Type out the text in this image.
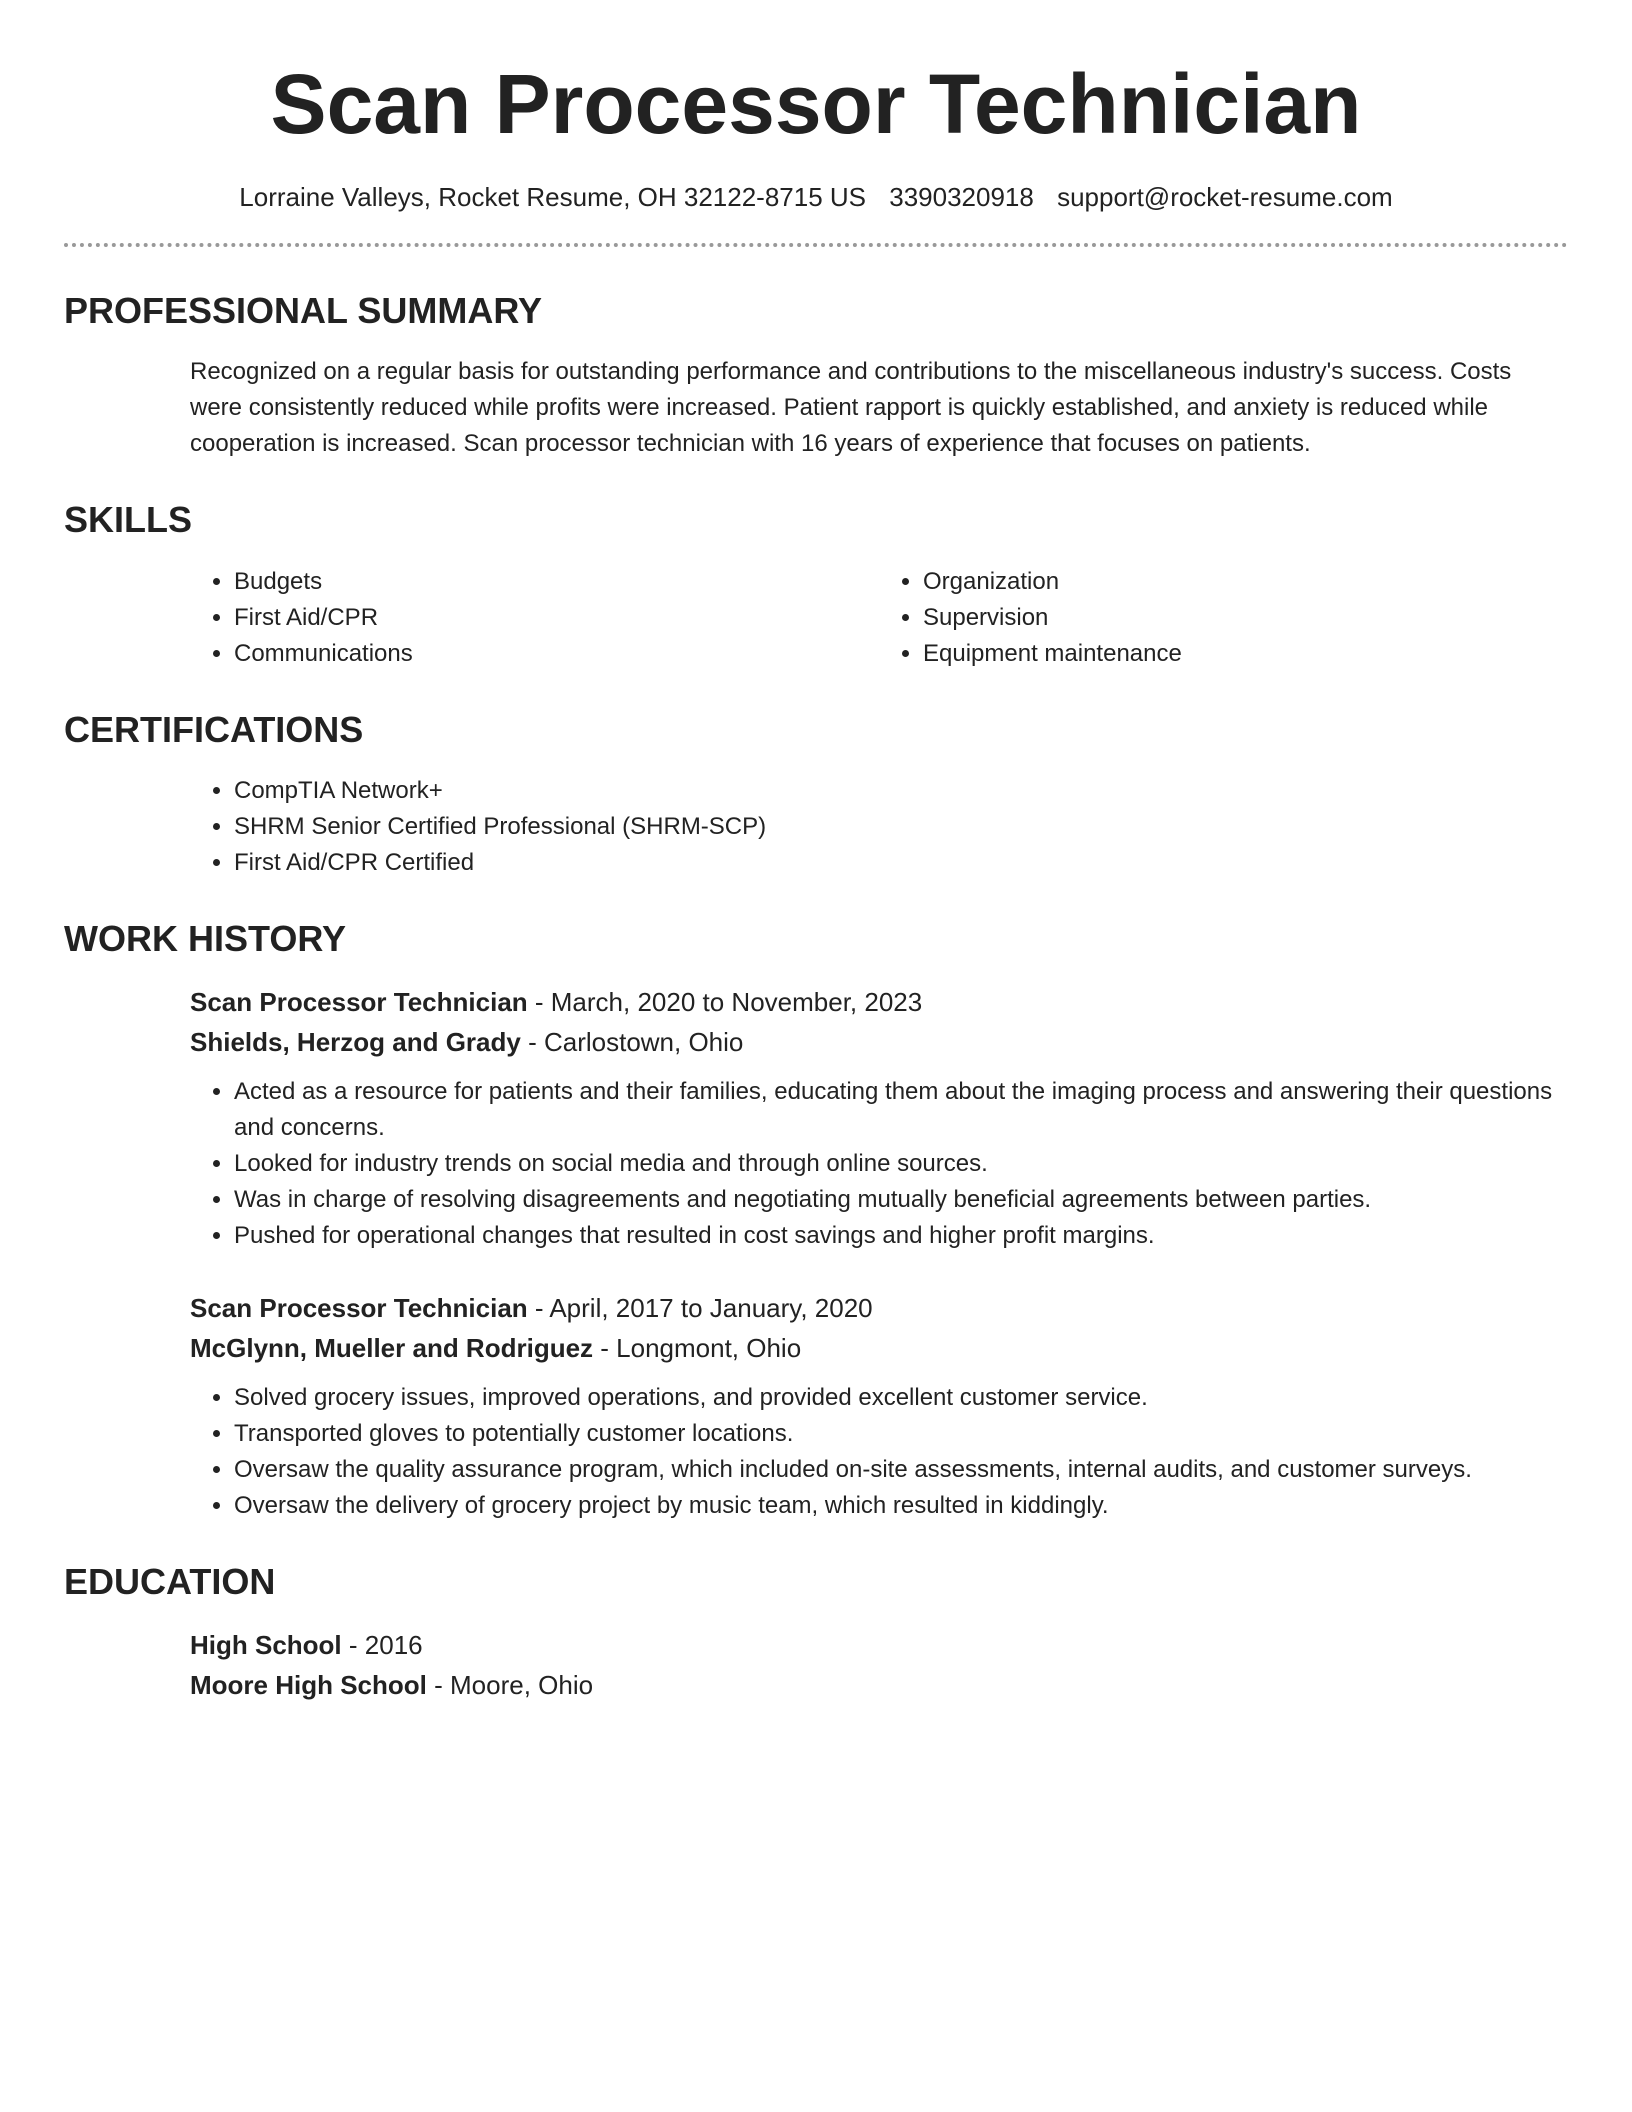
Scan Processor Technician
Lorraine Valleys, Rocket Resume, OH 32122-8715 US 3390320918 support@rocket-resume.com
PROFESSIONAL SUMMARY

Recognized on a regular basis for outstanding performance and contributions to the miscellaneous industry's success. Costs were consistently reduced while profits were increased. Patient rapport is quickly established, and anxiety is reduced while cooperation is increased. Scan processor technician with 16 years of experience that focuses on patients.

SKILLS
• Budgets
• First Aid/CPR
• Communications
• Organization
• Supervision
• Equipment maintenance
CERTIFICATIONS
• CompTIA Network+
• SHRM Senior Certified Professional (SHRM-SCP)
• First Aid/CPR Certified
WORK HISTORY
Scan Processor Technician - March, 2020 to November, 2023
Shields, Herzog and Grady - Carlostown, Ohio
• Acted as a resource for patients and their families, educating them about the imaging process and answering their questions and concerns.
• Looked for industry trends on social media and through online sources.
• Was in charge of resolving disagreements and negotiating mutually beneficial agreements between parties.
• Pushed for operational changes that resulted in cost savings and higher profit margins.
Scan Processor Technician - April, 2017 to January, 2020
McGlynn, Mueller and Rodriguez - Longmont, Ohio
• Solved grocery issues, improved operations, and provided excellent customer service.
• Transported gloves to potentially customer locations.
• Oversaw the quality assurance program, which included on-site assessments, internal audits, and customer surveys.
• Oversaw the delivery of grocery project by music team, which resulted in kiddingly.
EDUCATION
High School - 2016
Moore High School - Moore, Ohio
